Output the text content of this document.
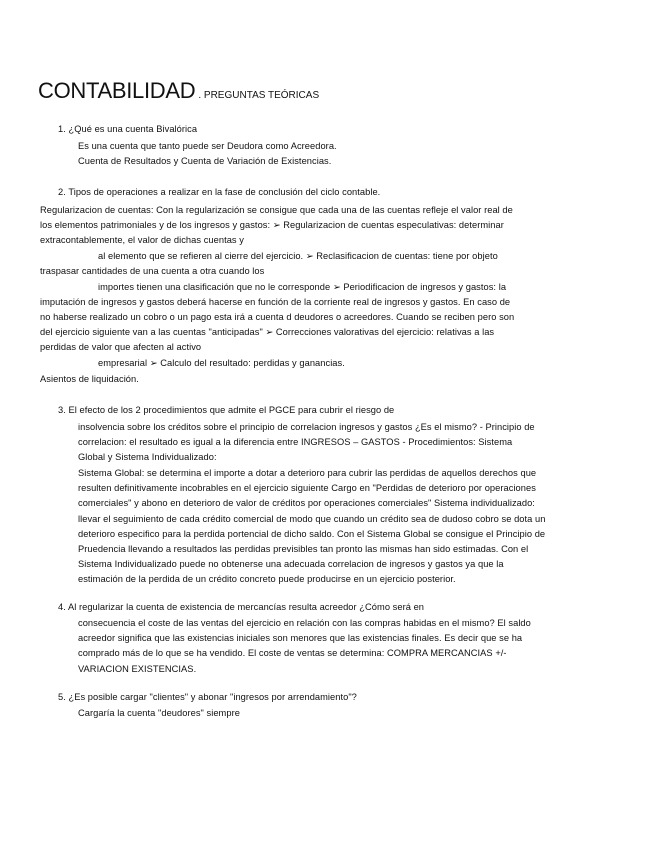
CONTABILIDAD . PREGUNTAS TEÓRICAS
1. ¿Qué es una cuenta Bivalórica
Es una cuenta que tanto puede ser Deudora como Acreedora.
Cuenta de Resultados y Cuenta de Variación de Existencias.
2. Tipos de operaciones a realizar en la fase de conclusión del ciclo contable.
Regularizacion de cuentas: Con la regularización se consigue que cada una de las cuentas refleje el valor real de
los elementos patrimoniales y de los ingresos y gastos: ➢ Regularizacion de cuentas especulativas: determinar
extracontablemente, el valor de dichas cuentas y
al elemento que se refieren al cierre del ejercicio. ➢ Reclasificacion de cuentas: tiene por objeto
traspasar cantidades de una cuenta a otra cuando los
importes tienen una clasificación que no le corresponde ➢ Periodificacion de ingresos y gastos: la
imputación de ingresos y gastos deberá hacerse en función de la corriente real de ingresos y gastos. En caso de
no haberse realizado un cobro o un pago esta irá a cuenta d deudores o acreedores. Cuando se reciben pero son
del ejercicio siguiente van a las cuentas "anticipadas" ➢ Correcciones valorativas del ejercicio: relativas a las
perdidas de valor que afecten al activo
empresarial ➢ Calculo del resultado: perdidas y ganancias.
Asientos de liquidación.
3. El efecto de los 2 procedimientos que admite el PGCE para cubrir el riesgo de
insolvencia sobre los créditos sobre el principio de correlacion ingresos y gastos ¿Es el mismo? - Principio de
correlacion: el resultado es igual a la diferencia entre INGRESOS – GASTOS - Procedimientos: Sistema
Global y Sistema Individualizado:
Sistema Global: se determina el importe a dotar a deterioro para cubrir las perdidas de aquellos derechos que
resulten definitivamente incobrables en el ejercicio siguiente Cargo en "Perdidas de deterioro por operaciones
comerciales" y abono en deterioro de valor de créditos por operaciones comerciales" Sistema individualizado:
llevar el seguimiento de cada crédito comercial de modo que cuando un crédito sea de dudoso cobro se dota un
deterioro especifico para la perdida portencial de dicho saldo. Con el Sistema Global se consigue el Principio de
Pruedencia llevando a resultados las perdidas previsibles tan pronto las mismas han sido estimadas. Con el
Sistema Individualizado puede no obtenerse una adecuada correlacion de ingresos y gastos ya que la
estimación de la perdida de un crédito concreto puede producirse en un ejercicio posterior.
4. Al regularizar la cuenta de existencia de mercancías resulta acreedor ¿Cómo será en
consecuencia el coste de las ventas del ejercicio en relación con las compras habidas en el mismo? El saldo
acreedor significa que las existencias iniciales son menores que las existencias finales. Es decir que se ha
comprado más de lo que se ha vendido. El coste de ventas se determina: COMPRA MERCANCIAS +/-
VARIACION EXISTENCIAS.
5. ¿Es posible cargar "clientes" y abonar "ingresos por arrendamiento"?
Cargaría la cuenta "deudores" siempre
